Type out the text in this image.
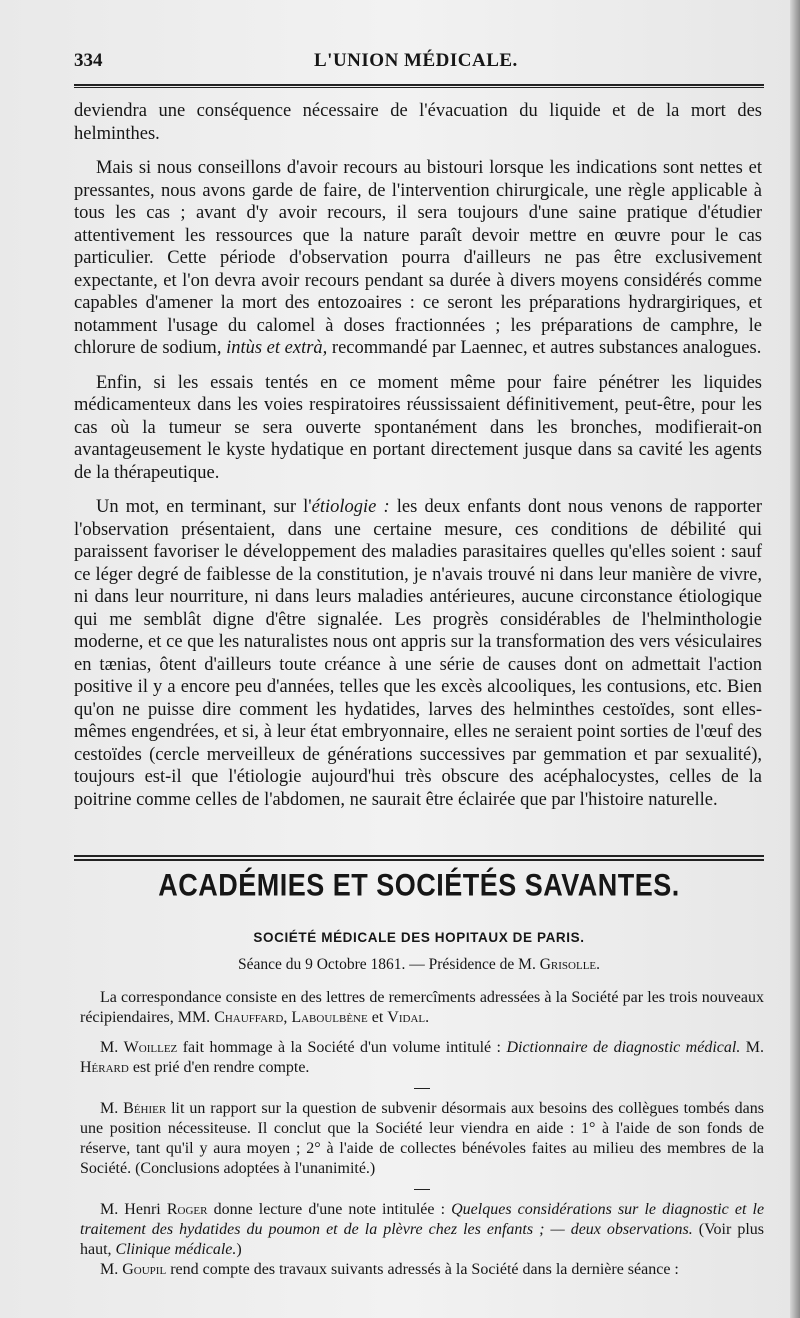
334	L'UNION MÉDICALE.

deviendra une conséquence nécessaire de l'évacuation du liquide et de la mort des helminthes.

Mais si nous conseillons d'avoir recours au bistouri lorsque les indications sont nettes et pressantes, nous avons garde de faire, de l'intervention chirurgicale, une règle applicable à tous les cas ; avant d'y avoir recours, il sera toujours d'une saine pratique d'étudier attentivement les ressources que la nature paraît devoir mettre en œuvre pour le cas particulier. Cette période d'observation pourra d'ailleurs ne pas être exclusivement expectante, et l'on devra avoir recours pendant sa durée à divers moyens considérés comme capables d'amener la mort des entozoaires : ce seront les préparations hydrargiriques, et notamment l'usage du calomel à doses fractionnées ; les préparations de camphre, le chlorure de sodium, intùs et extrà, recommandé par Laennec, et autres substances analogues.

Enfin, si les essais tentés en ce moment même pour faire pénétrer les liquides médicamenteux dans les voies respiratoires réussissaient définitivement, peut-être, pour les cas où la tumeur se sera ouverte spontanément dans les bronches, modifierait-on avantageusement le kyste hydatique en portant directement jusque dans sa cavité les agents de la thérapeutique.

Un mot, en terminant, sur l'étiologie : les deux enfants dont nous venons de rapporter l'observation présentaient, dans une certaine mesure, ces conditions de débilité qui paraissent favoriser le développement des maladies parasitaires quelles qu'elles soient : sauf ce léger degré de faiblesse de la constitution, je n'avais trouvé ni dans leur manière de vivre, ni dans leur nourriture, ni dans leurs maladies antérieures, aucune circonstance étiologique qui me semblât digne d'être signalée. Les progrès considérables de l'helminthologie moderne, et ce que les naturalistes nous ont appris sur la transformation des vers vésiculaires en tænias, ôtent d'ailleurs toute créance à une série de causes dont on admettait l'action positive il y a encore peu d'années, telles que les excès alcooliques, les contusions, etc. Bien qu'on ne puisse dire comment les hydatides, larves des helminthes cestoïdes, sont elles-mêmes engendrées, et si, à leur état embryonnaire, elles ne seraient point sorties de l'œuf des cestoïdes (cercle merveilleux de générations successives par gemmation et par sexualité), toujours est-il que l'étiologie aujourd'hui très obscure des acéphalocystes, celles de la poitrine comme celles de l'abdomen, ne saurait être éclairée que par l'histoire naturelle.

ACADÉMIES ET SOCIÉTÉS SAVANTES.
SOCIÉTÉ MÉDICALE DES HOPITAUX DE PARIS.
Séance du 9 Octobre 1861. — Présidence de M. Grisolle.

La correspondance consiste en des lettres de remercîments adressées à la Société par les trois nouveaux récipiendaires, MM. Chauffard, Laboulbène et Vidal.

M. Woillez fait hommage à la Société d'un volume intitulé : Dictionnaire de diagnostic médical. M. Hérard est prié d'en rendre compte.

M. Béhier lit un rapport sur la question de subvenir désormais aux besoins des collègues tombés dans une position nécessiteuse. Il conclut que la Société leur viendra en aide : 1° à l'aide de son fonds de réserve, tant qu'il y aura moyen ; 2° à l'aide de collectes bénévoles faites au milieu des membres de la Société. (Conclusions adoptées à l'unanimité.)

M. Henri Roger donne lecture d'une note intitulée : Quelques considérations sur le diagnostic et le traitement des hydatides du poumon et de la plèvre chez les enfants ; — deux observations. (Voir plus haut, Clinique médicale.)

M. Goupil rend compte des travaux suivants adressés à la Société dans la dernière séance :
